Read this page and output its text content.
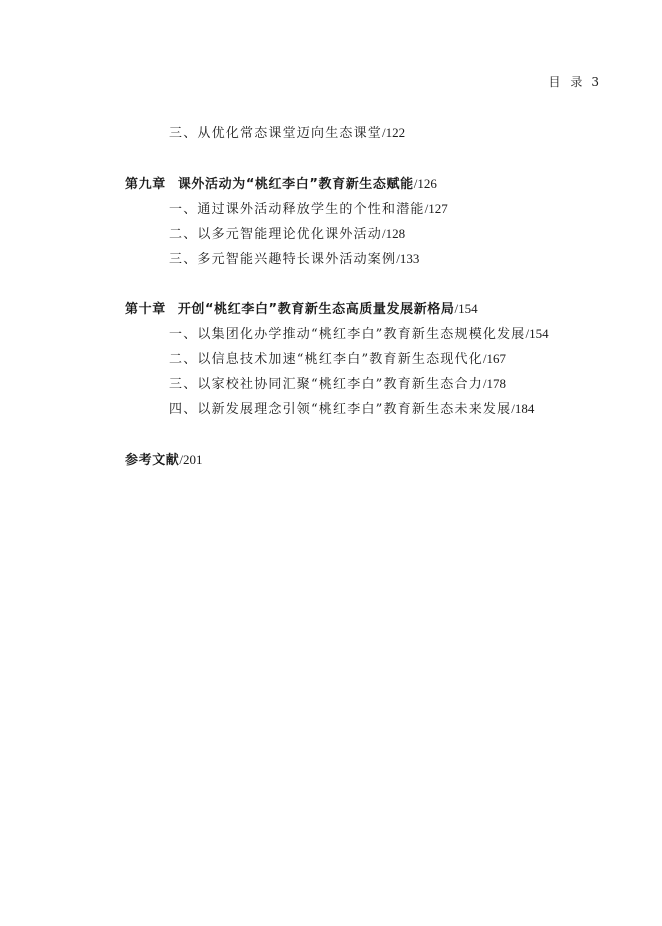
目 录 3
三、从优化常态课堂迈向生态课堂/122
第九章 课外活动为“桃红李白”教育新生态赋能/126
一、通过课外活动释放学生的个性和潜能/127
二、以多元智能理论优化课外活动/128
三、多元智能兴趣特长课外活动案例/133
第十章 开创“桃红李白”教育新生态高质量发展新格局/154
一、以集团化办学推动“桃红李白”教育新生态规模化发展/154
二、以信息技术加速“桃红李白”教育新生态现代化/167
三、以家校社协同汇聚“桃红李白”教育新生态合力/178
四、以新发展理念引领“桃红李白”教育新生态未来发展/184
参考文献/201
